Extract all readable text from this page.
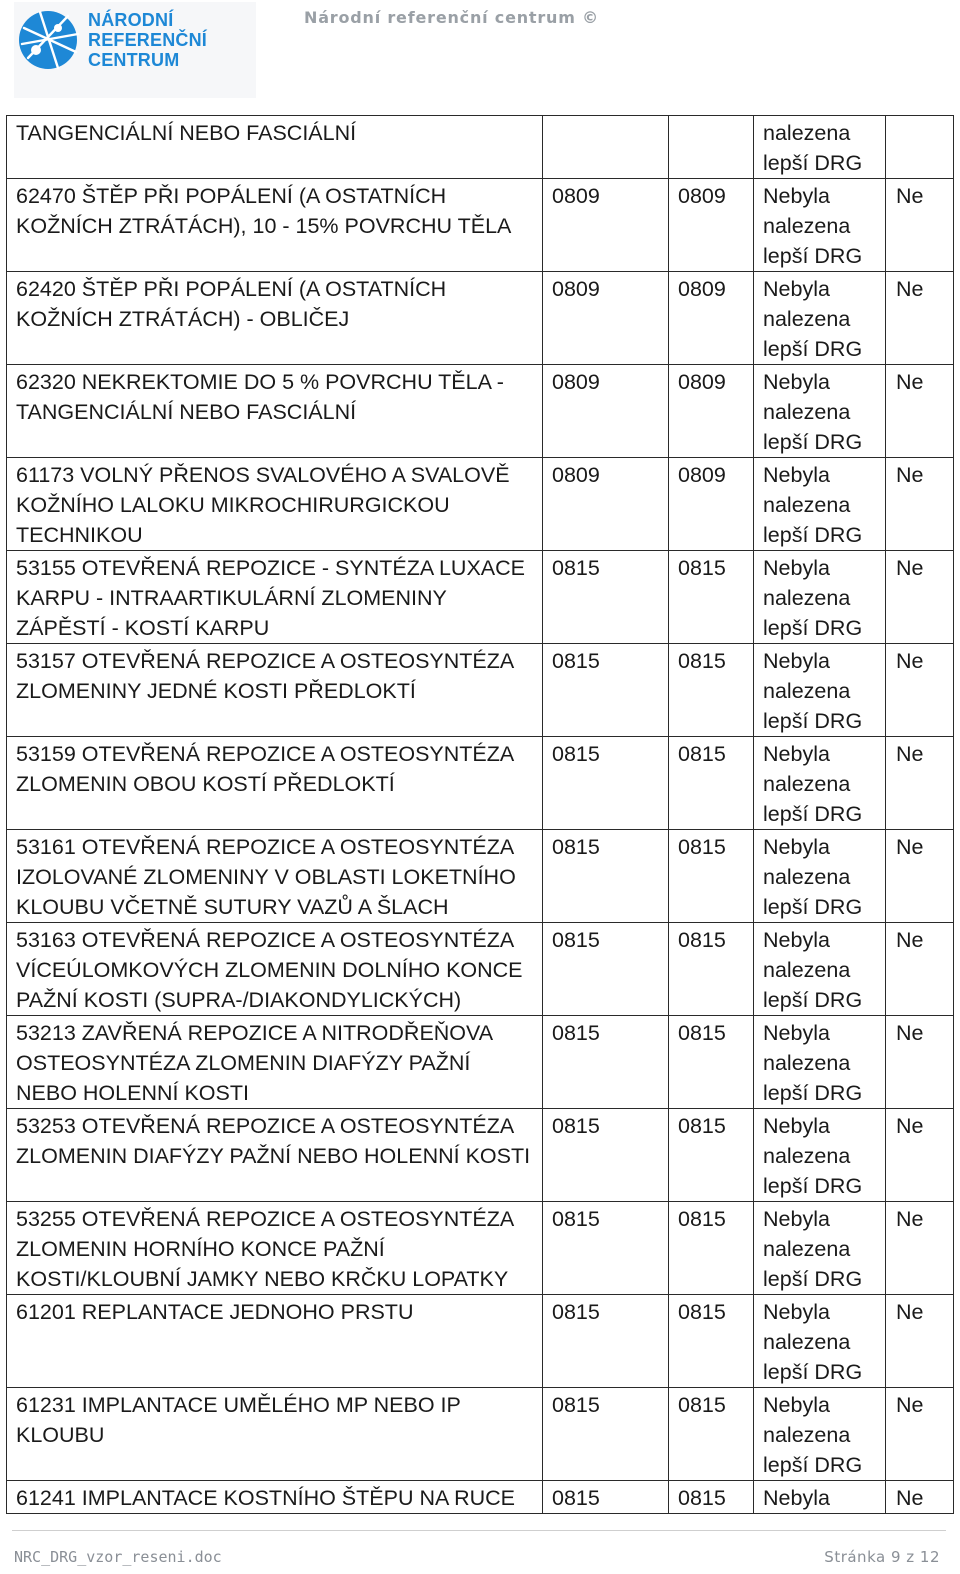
NÁRODNÍ
REFERENČNÍ
CENTRUM
Národní referenční centrum ©
TANGENCIÁLNÍ NEBO FASCIÁLNÍ			nalezena
lepší DRG	
62470 ŠTĚP PŘI POPÁLENÍ (A OSTATNÍCH KOŽNÍCH ZTRÁTÁCH), 10 - 15% POVRCHU TĚLA	0809	0809	Nebyla
nalezena
lepší DRG	Ne
62420 ŠTĚP PŘI POPÁLENÍ (A OSTATNÍCH KOŽNÍCH ZTRÁTÁCH) - OBLIČEJ	0809	0809	Nebyla
nalezena
lepší DRG	Ne
62320 NEKREKTOMIE DO 5 % POVRCHU TĚLA - TANGENCIÁLNÍ NEBO FASCIÁLNÍ	0809	0809	Nebyla
nalezena
lepší DRG	Ne
61173 VOLNÝ PŘENOS SVALOVÉHO A SVALOVĚ KOŽNÍHO LALOKU MIKROCHIRURGICKOU TECHNIKOU	0809	0809	Nebyla
nalezena
lepší DRG	Ne
53155 OTEVŘENÁ REPOZICE - SYNTÉZA LUXACE KARPU - INTRAARTIKULÁRNÍ ZLOMENINY ZÁPĚSTÍ - KOSTÍ KARPU	0815	0815	Nebyla
nalezena
lepší DRG	Ne
53157 OTEVŘENÁ REPOZICE A OSTEOSYNTÉZA ZLOMENINY JEDNÉ KOSTI PŘEDLOKTÍ	0815	0815	Nebyla
nalezena
lepší DRG	Ne
53159 OTEVŘENÁ REPOZICE A OSTEOSYNTÉZA ZLOMENIN OBOU KOSTÍ PŘEDLOKTÍ	0815	0815	Nebyla
nalezena
lepší DRG	Ne
53161 OTEVŘENÁ REPOZICE A OSTEOSYNTÉZA IZOLOVANÉ ZLOMENINY V OBLASTI LOKETNÍHO KLOUBU VČETNĚ SUTURY VAZŮ A ŠLACH	0815	0815	Nebyla
nalezena
lepší DRG	Ne
53163 OTEVŘENÁ REPOZICE A OSTEOSYNTÉZA VÍCEÚLOMKOVÝCH ZLOMENIN DOLNÍHO KONCE PAŽNÍ KOSTI (SUPRA-/DIAKONDYLICKÝCH)	0815	0815	Nebyla
nalezena
lepší DRG	Ne
53213 ZAVŘENÁ REPOZICE A NITRODŘEŇOVA OSTEOSYNTÉZA ZLOMENIN DIAFÝZY PAŽNÍ NEBO HOLENNÍ KOSTI	0815	0815	Nebyla
nalezena
lepší DRG	Ne
53253 OTEVŘENÁ REPOZICE A OSTEOSYNTÉZA ZLOMENIN DIAFÝZY PAŽNÍ NEBO HOLENNÍ KOSTI	0815	0815	Nebyla
nalezena
lepší DRG	Ne
53255 OTEVŘENÁ REPOZICE A OSTEOSYNTÉZA ZLOMENIN HORNÍHO KONCE PAŽNÍ KOSTI/KLOUBNÍ JAMKY NEBO KRČKU LOPATKY	0815	0815	Nebyla
nalezena
lepší DRG	Ne
61201 REPLANTACE JEDNOHO PRSTU	0815	0815	Nebyla
nalezena
lepší DRG	Ne
61231 IMPLANTACE UMĚLÉHO MP NEBO IP KLOUBU	0815	0815	Nebyla
nalezena
lepší DRG	Ne
61241 IMPLANTACE KOSTNÍHO ŠTĚPU NA RUCE	0815	0815	Nebyla	Ne
NRC_DRG_vzor_reseni.doc	Stránka 9 z 12
